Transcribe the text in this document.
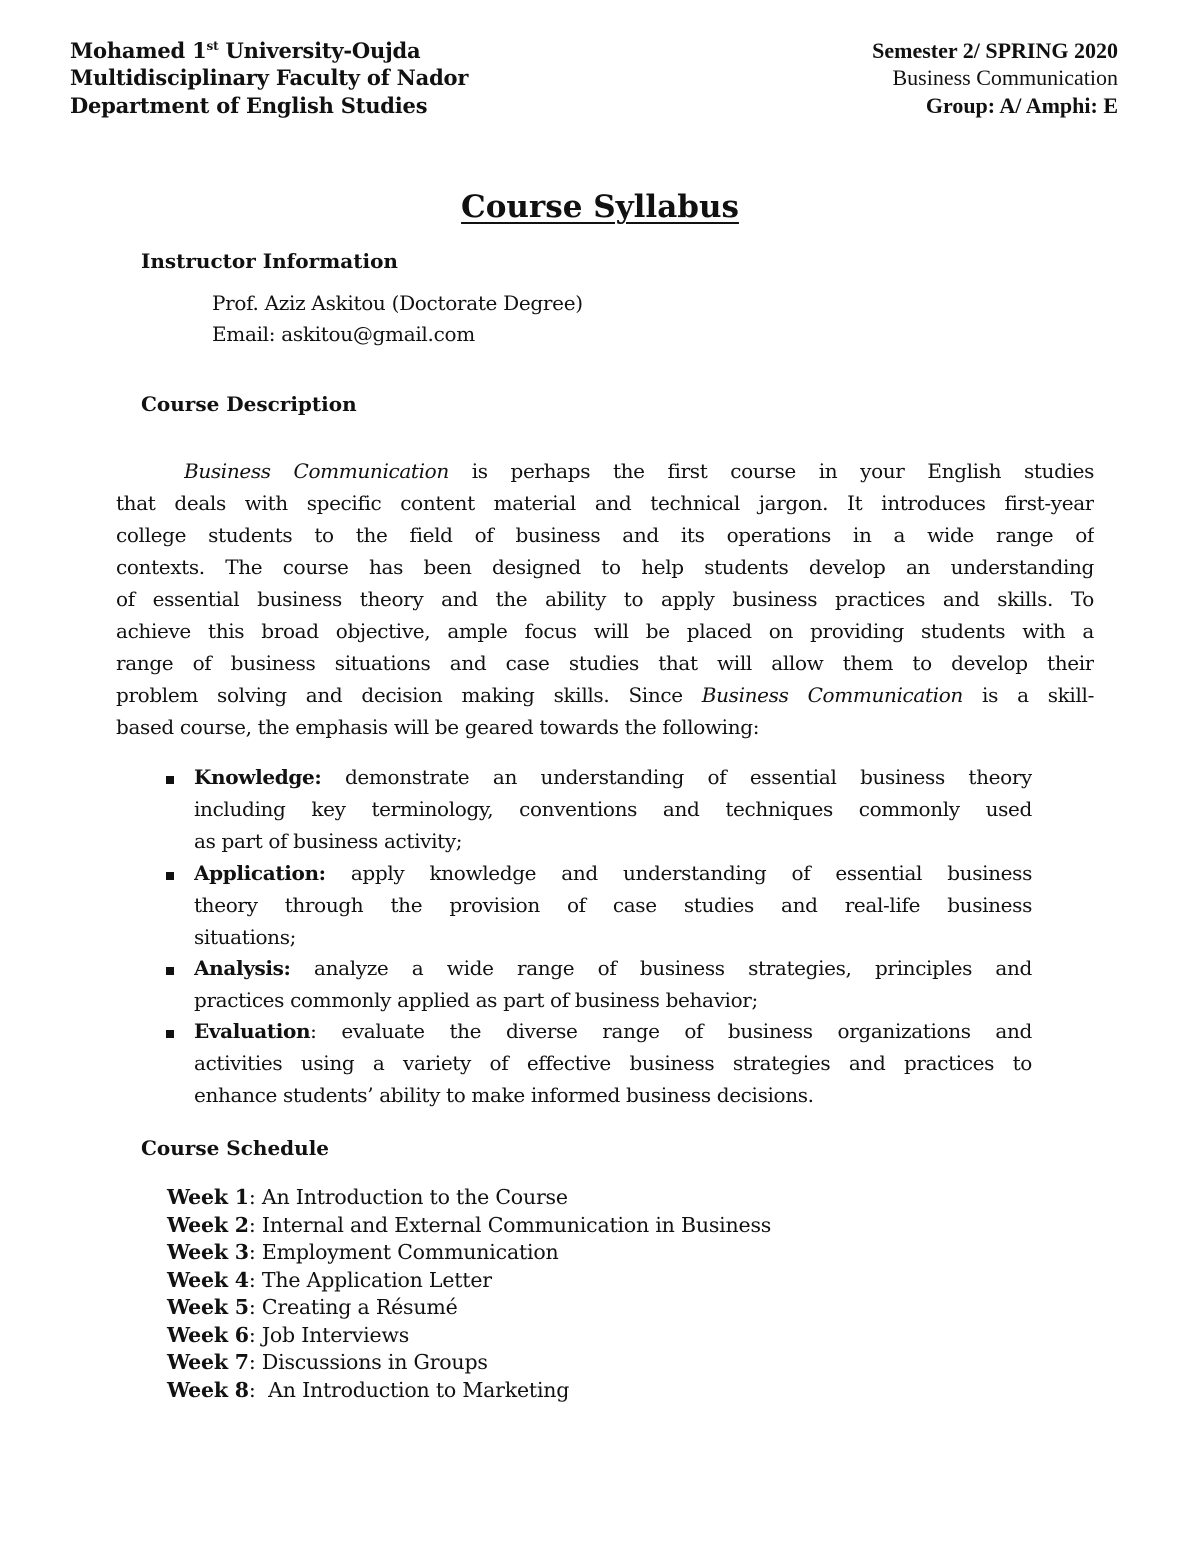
Mohamed 1st University-Oujda
Multidisciplinary Faculty of Nador
Department of English Studies
Semester 2/ SPRING 2020
Business Communication
Group: A/ Amphi: E
Course Syllabus
Instructor Information
Prof. Aziz Askitou (Doctorate Degree)
Email: askitou@gmail.com
Course Description
Business Communication is perhaps the first course in your English studies
that deals with specific content material and technical jargon. It introduces first-year
college students to the field of business and its operations in a wide range of
contexts. The course has been designed to help students develop an understanding
of essential business theory and the ability to apply business practices and skills. To
achieve this broad objective, ample focus will be placed on providing students with a
range of business situations and case studies that will allow them to develop their
problem solving and decision making skills. Since Business Communication is a skill-
based course, the emphasis will be geared towards the following:
Knowledge: demonstrate an understanding of essential business theory
including key terminology, conventions and techniques commonly used
as part of business activity;
Application: apply knowledge and understanding of essential business
theory through the provision of case studies and real-life business
situations;
Analysis: analyze a wide range of business strategies, principles and
practices commonly applied as part of business behavior;
Evaluation: evaluate the diverse range of business organizations and
activities using a variety of effective business strategies and practices to
enhance students’ ability to make informed business decisions.
Course Schedule
Week 1: An Introduction to the Course
Week 2: Internal and External Communication in Business
Week 3: Employment Communication
Week 4: The Application Letter
Week 5: Creating a Résumé
Week 6: Job Interviews
Week 7: Discussions in Groups
Week 8:  An Introduction to Marketing
